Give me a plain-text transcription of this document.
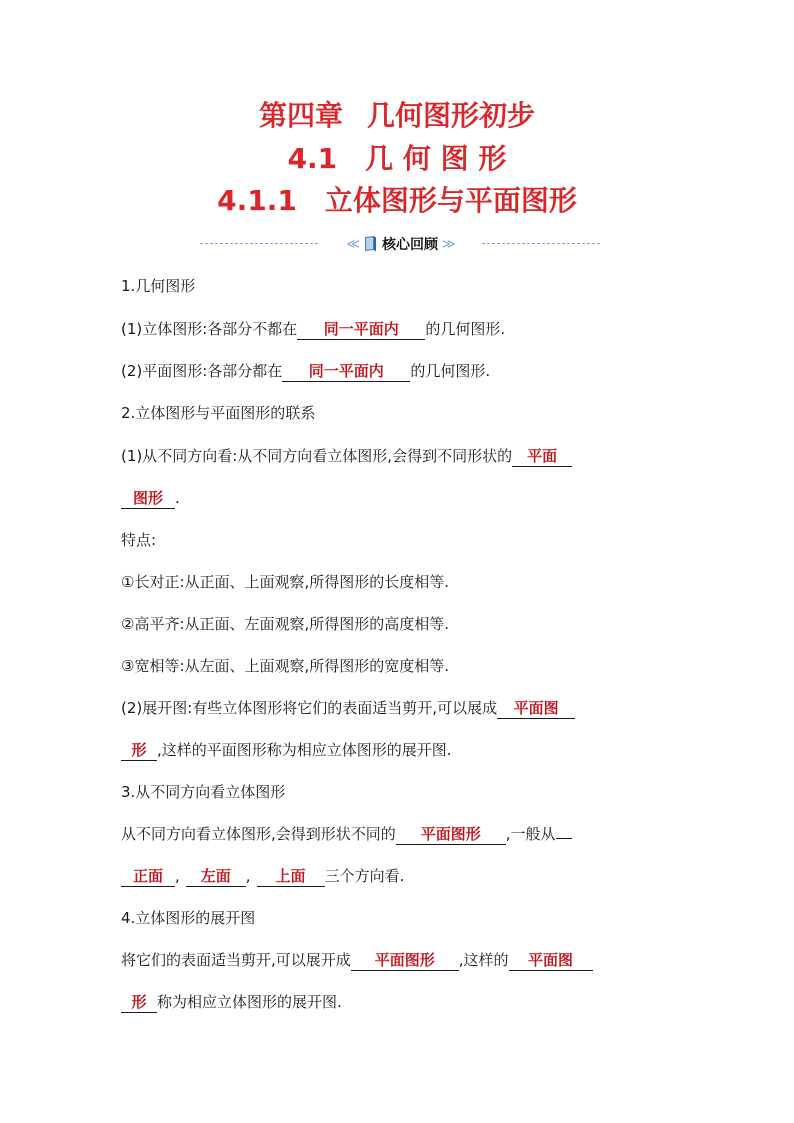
第四章 几何图形初步
4.1　几 何 图 形
4.1.1　立体图形与平面图形
≪ 核心回顾 ≫
1.几何图形
(1)立体图形:各部分不都在 同一平面内 的几何图形.
(2)平面图形:各部分都在 同一平面内 的几何图形.
2.立体图形与平面图形的联系
(1)从不同方向看:从不同方向看立体图形,会得到不同形状的 平面
图形 .
特点:
①长对正:从正面、上面观察,所得图形的长度相等.
②高平齐:从正面、左面观察,所得图形的高度相等.
③宽相等:从左面、上面观察,所得图形的宽度相等.
(2)展开图:有些立体图形将它们的表面适当剪开,可以展成 平面图
形 ,这样的平面图形称为相应立体图形的展开图.
3.从不同方向看立体图形
从不同方向看立体图形,会得到形状不同的 平面图形 ,一般从
正面 , 左面 , 上面 三个方向看.
4.立体图形的展开图
将它们的表面适当剪开,可以展开成 平面图形 ,这样的 平面图
形 称为相应立体图形的展开图.
